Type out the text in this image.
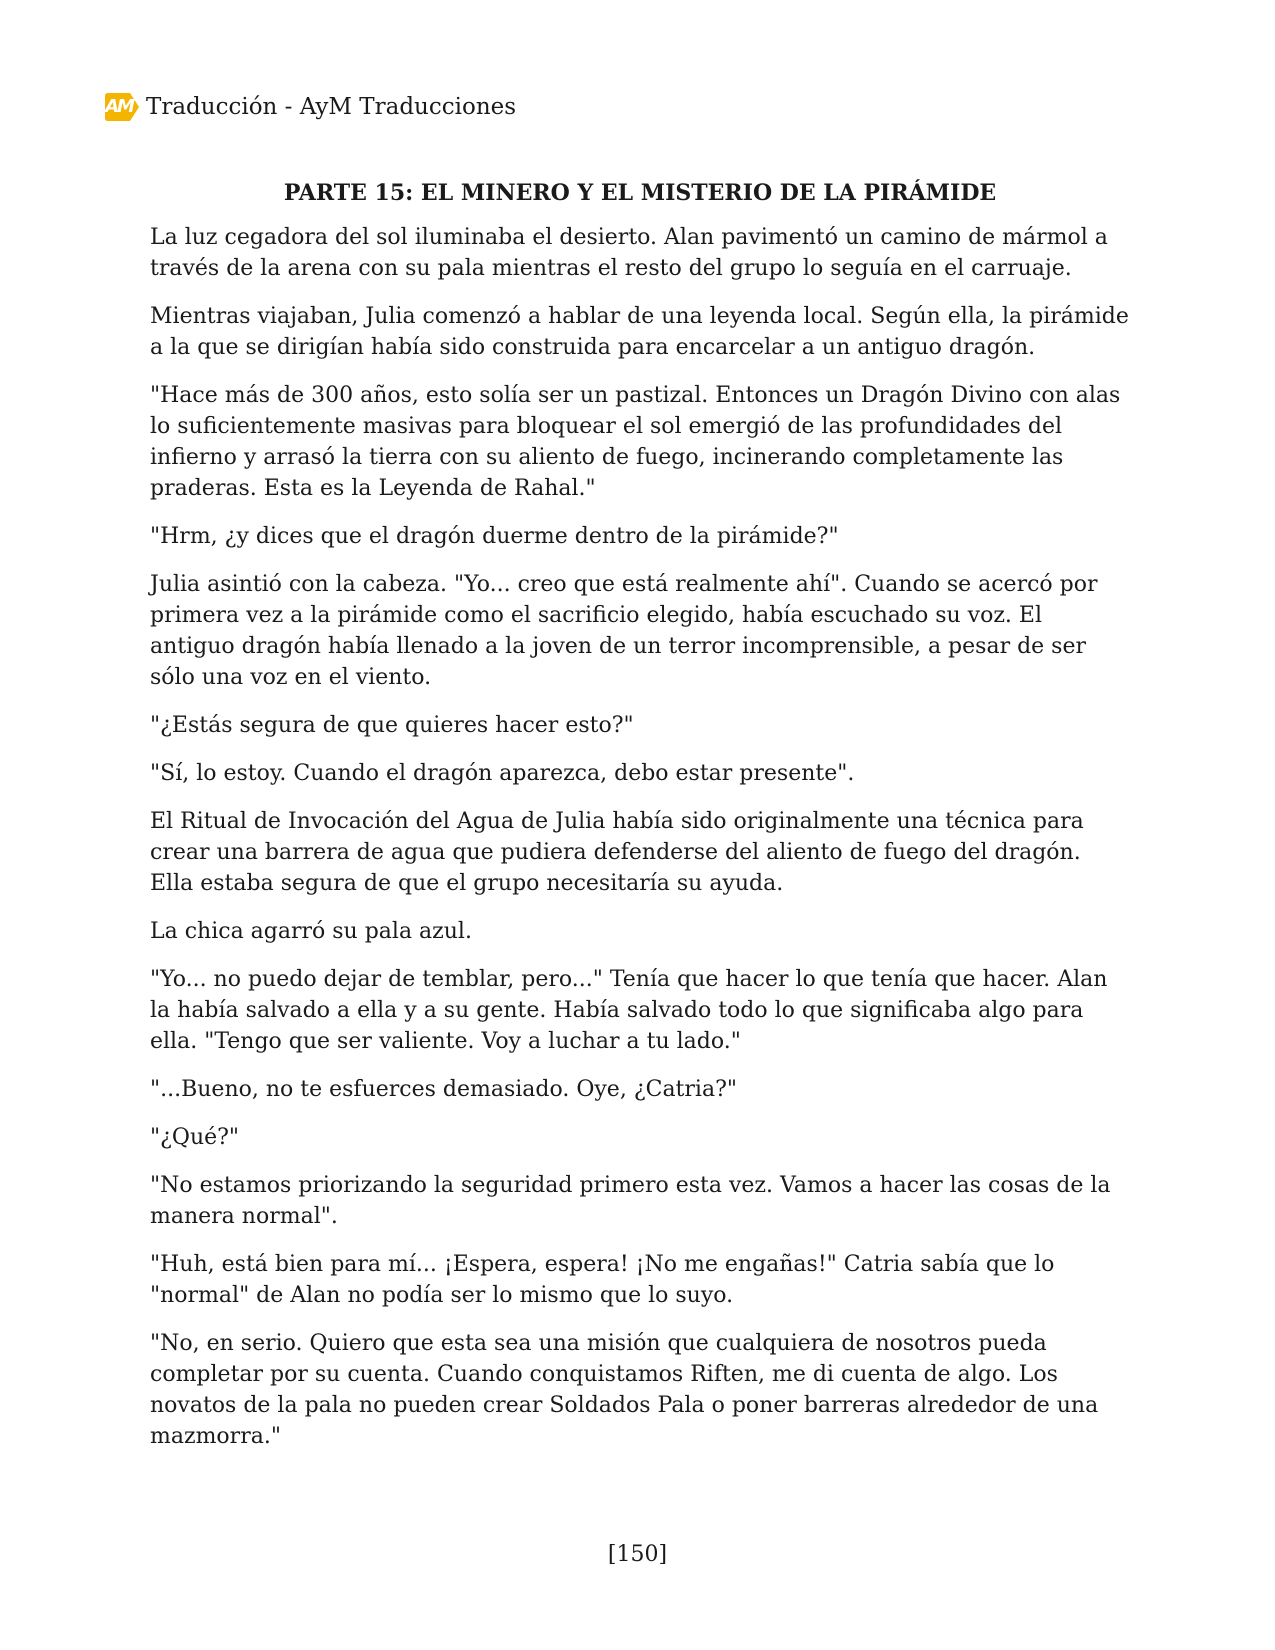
AM Traducción - AyM Traducciones
PARTE 15: EL MINERO Y EL MISTERIO DE LA PIRÁMIDE

La luz cegadora del sol iluminaba el desierto. Alan pavimentó un camino de mármol a través de la arena con su pala mientras el resto del grupo lo seguía en el carruaje.

Mientras viajaban, Julia comenzó a hablar de una leyenda local. Según ella, la pirámide a la que se dirigían había sido construida para encarcelar a un antiguo dragón.

"Hace más de 300 años, esto solía ser un pastizal. Entonces un Dragón Divino con alas lo suficientemente masivas para bloquear el sol emergió de las profundidades del infierno y arrasó la tierra con su aliento de fuego, incinerando completamente las praderas. Esta es la Leyenda de Rahal."

"Hrm, ¿y dices que el dragón duerme dentro de la pirámide?"

Julia asintió con la cabeza. "Yo... creo que está realmente ahí". Cuando se acercó por primera vez a la pirámide como el sacrificio elegido, había escuchado su voz. El antiguo dragón había llenado a la joven de un terror incomprensible, a pesar de ser sólo una voz en el viento.

"¿Estás segura de que quieres hacer esto?"

"Sí, lo estoy. Cuando el dragón aparezca, debo estar presente".

El Ritual de Invocación del Agua de Julia había sido originalmente una técnica para crear una barrera de agua que pudiera defenderse del aliento de fuego del dragón. Ella estaba segura de que el grupo necesitaría su ayuda.

La chica agarró su pala azul.

"Yo... no puedo dejar de temblar, pero..." Tenía que hacer lo que tenía que hacer. Alan la había salvado a ella y a su gente. Había salvado todo lo que significaba algo para ella. "Tengo que ser valiente. Voy a luchar a tu lado."

"...Bueno, no te esfuerces demasiado. Oye, ¿Catria?"

"¿Qué?"

"No estamos priorizando la seguridad primero esta vez. Vamos a hacer las cosas de la manera normal".

"Huh, está bien para mí... ¡Espera, espera! ¡No me engañas!" Catria sabía que lo "normal" de Alan no podía ser lo mismo que lo suyo.

"No, en serio. Quiero que esta sea una misión que cualquiera de nosotros pueda completar por su cuenta. Cuando conquistamos Riften, me di cuenta de algo. Los novatos de la pala no pueden crear Soldados Pala o poner barreras alrededor de una mazmorra."

[150]
